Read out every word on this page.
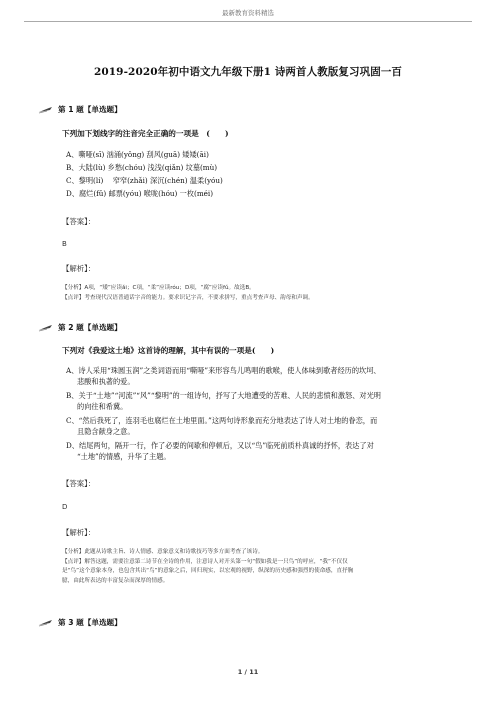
最新教育资料精选
2019-2020年初中语文九年级下册1 诗两首人教版复习巩固一百
第 1 题【单选题】
下列加下划线字的注音完全正确的一项是　(　　)
A、嘶哑(sī) 汹涌(yǒng) 刮风(guā) 矮矮(āi)
B、大陆(lù) 乡愁(chóu) 浅浅(qiǎn) 坟墓(mù)
C、黎明(lí) 　窄窄(zhǎi) 深沉(chén) 温柔(yóu)
D、腐烂(fǔ) 邮票(yóu) 喉咙(hóu) 一枚(méi)
【答案】：
B
【解析】：

【分析】A项，“矮”应读ǎi；C项，“柔”应读róu；D项，“腐”应读fǔ。故选B。

【点评】考查现代汉语普通话字音的能力。要求识记字音，不要求拼写，重点考查声母、韵母和声调。

第 2 题【单选题】
下列对《我爱这土地》这首诗的理解，其中有误的一项是(　　)
A、诗人采用“珠圆玉润”之类词语而用“嘶哑”来形容鸟儿鸣唱的歌喉，使人体味到歌者经历的坎坷、
悲酸和执著的爱。
B、关于“土地”“河流”“风”“黎明”的一组诗句，抒写了大地遭受的苦难、人民的悲愤和激怒、对光明
的向往和希冀。
C、“然后我死了，连羽毛也腐烂在土地里面。”这两句诗形象而充分地表达了诗人对土地的眷恋，而
且隐含献身之意。
D、结尾两句，隔开一行，作了必要的间歇和停顿后，又以“鸟”临死前质朴真诚的抒怀，表达了对
“土地”的情感，升华了主题。
【答案】：
D
【解析】：

【分析】此题从诗歌主旨、诗人情感、意象意义和诗歌技巧等多方面考查了该诗。

【点评】解答这题，需要注意第二诗节在全诗的作用，注意诗人对开头第一句“假如我是一只鸟”的呼应，“我”不仅仅

是“鸟”这个意象本身，也包含其出“鸟”的意象之后，回归现实，以宏观的视野，纵深的历史感和强烈的使命感，直抒胸

臆，由此所表达的丰富复杂而深厚的情感。

第 3 题【单选题】
1 / 11
